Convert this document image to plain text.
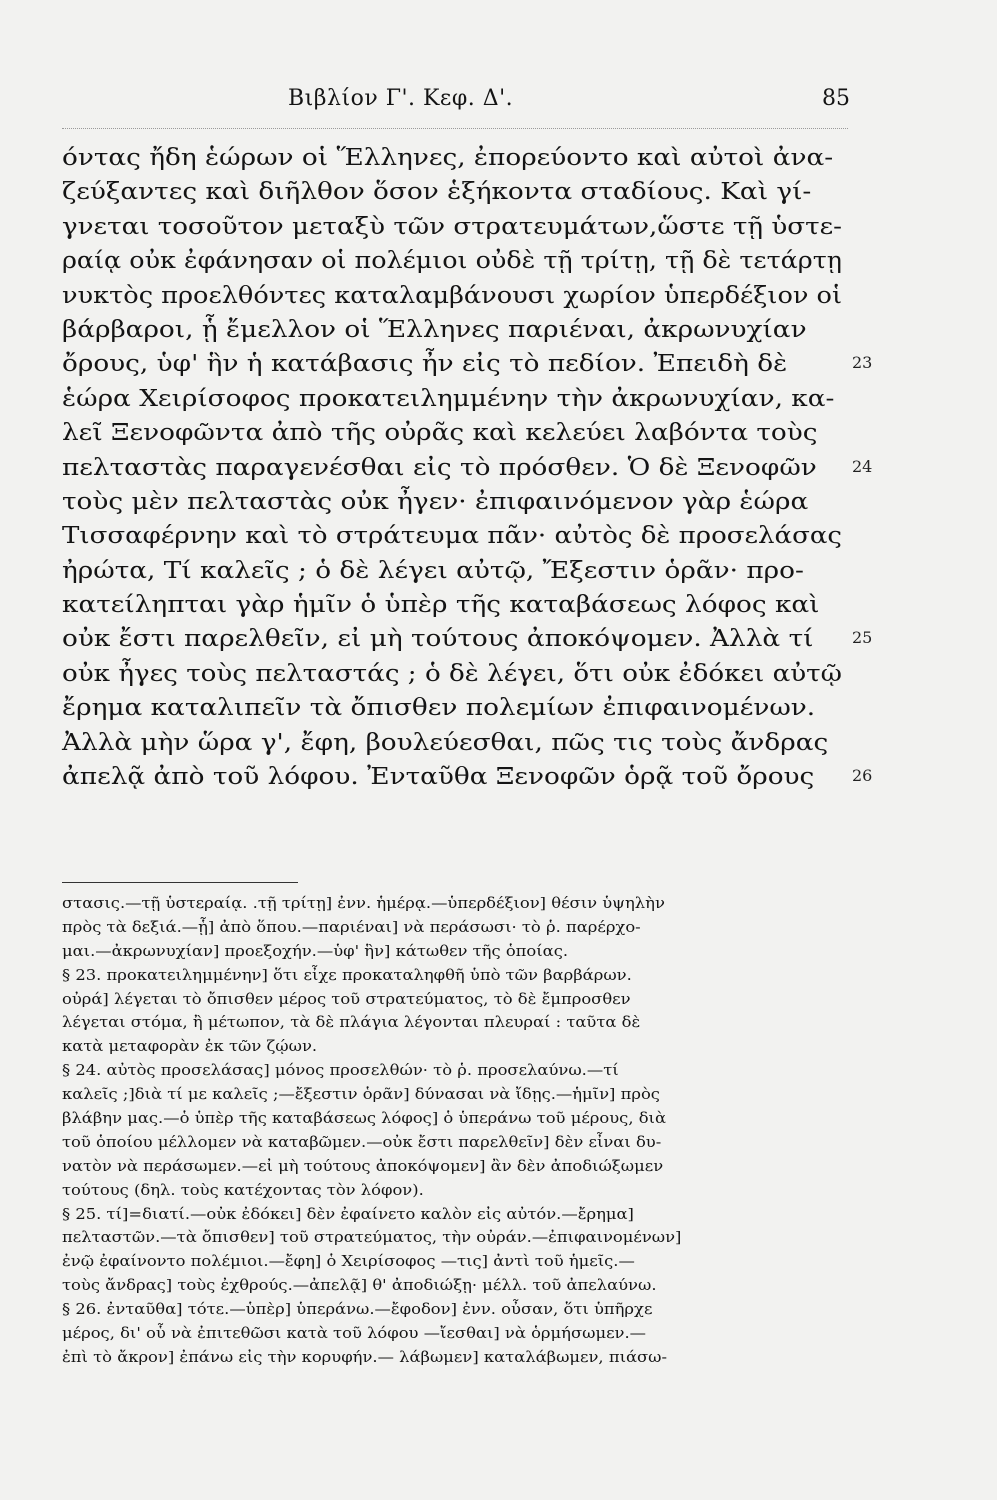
Βιβλίον Γ'. Κεφ. Δ'.	85
όντας ἤδη ἑώρων οἱ Ἕλληνες, ἐπορεύοντο καὶ αὐτοὶ ἀνα-
ζεύξαντες καὶ διῆλθον ὅσον ἑξήκοντα σταδίους. Καὶ γί-
γνεται τοσοῦτον μεταξὺ τῶν στρατευμάτων,ὥστε τῇ ὑστε-
ραίᾳ οὐκ ἐφάνησαν οἱ πολέμιοι οὐδὲ τῇ τρίτῃ, τῇ δὲ τετάρτῃ
νυκτὸς προελθόντες καταλαμβάνουσι χωρίον ὑπερδέξιον οἱ
βάρβαροι, ᾗ ἔμελλον οἱ Ἕλληνες παριέναι, ἀκρωνυχίαν
ὄρους, ὑφ' ἣν ἡ κατάβασις ἦν εἰς τὸ πεδίον. Ἐπειδὴ δὲ	23
ἑώρα Χειρίσοφος προκατειλημμένην τὴν ἀκρωνυχίαν, κα-
λεῖ Ξενοφῶντα ἀπὸ τῆς οὐρᾶς καὶ κελεύει λαβόντα τοὺς
πελταστὰς παραγενέσθαι εἰς τὸ πρόσθεν. Ὁ δὲ Ξενοφῶν 24
τοὺς μὲν πελταστὰς οὐκ ἦγεν· ἐπιφαινόμενον γὰρ ἑώρα
Τισσαφέρνην καὶ τὸ στράτευμα πᾶν· αὐτὸς δὲ προσελάσας
ἠρώτα, Τί καλεῖς ; ὁ δὲ λέγει αὐτῷ, Ἔξεστιν ὁρᾶν· προ-
κατείληπται γὰρ ἡμῖν ὁ ὑπὲρ τῆς καταβάσεως λόφος καὶ
οὐκ ἔστι παρελθεῖν, εἰ μὴ τούτους ἀποκόψομεν. Ἀλλὰ τί 25
οὐκ ἦγες τοὺς πελταστάς ; ὁ δὲ λέγει, ὅτι οὐκ ἐδόκει αὐτῷ
ἔρημα καταλιπεῖν τὰ ὄπισθεν πολεμίων ἐπιφαινομένων.
Ἀλλὰ μὴν ὥρα γ', ἔφη, βουλεύεσθαι, πῶς τις τοὺς ἄνδρας
ἀπελᾷ ἀπὸ τοῦ λόφου. Ἐνταῦθα Ξενοφῶν ὁρᾷ τοῦ ὄρους 26
στασις.—τῇ ὑστεραίᾳ. .τῇ τρίτῃ] ἐνν. ἡμέρᾳ.—ὑπερδέξιον] θέσιν ὑψηλὴν
πρὸς τὰ δεξιά.—ᾗ] ἀπὸ ὅπου.—παριέναι] νὰ περάσωσι· τὸ ῥ. παρέρχο-
μαι.—ἀκρωνυχίαν] προεξοχήν.—ὑφ' ἣν] κάτωθεν τῆς ὁποίας.
§ 23. προκατειλημμένην] ὅτι εἶχε προκαταληφθῆ ὑπὸ τῶν βαρβάρων.
οὐρά] λέγεται τὸ ὄπισθεν μέρος τοῦ στρατεύματος, τὸ δὲ ἔμπροσθεν
λέγεται στόμα, ἢ μέτωπον, τὰ δὲ πλάγια λέγονται πλευραί : ταῦτα δὲ
κατὰ μεταφορὰν ἐκ τῶν ζῴων.
§ 24. αὐτὸς προσελάσας] μόνος προσελθών· τὸ ῥ. προσελαύνω.—τί
καλεῖς ;]διὰ τί με καλεῖς ;—ἔξεστιν ὁρᾶν] δύνασαι νὰ ἴδῃς.—ἡμῖν] πρὸς
βλάβην μας.—ὁ ὑπὲρ τῆς καταβάσεως λόφος] ὁ ὑπεράνω τοῦ μέρους, διὰ
τοῦ ὁποίου μέλλομεν νὰ καταβῶμεν.—οὐκ ἔστι παρελθεῖν] δὲν εἶναι δυ-
νατὸν νὰ περάσωμεν.—εἰ μὴ τούτους ἀποκόψομεν] ἂν δὲν ἀποδιώξωμεν
τούτους (δηλ. τοὺς κατέχοντας τὸν λόφον).
§ 25. τί]=διατί.—οὐκ ἐδόκει] δὲν ἐφαίνετο καλὸν εἰς αὐτόν.—ἔρημα]
πελταστῶν.—τὰ ὄπισθεν] τοῦ στρατεύματος, τὴν οὐράν.—ἐπιφαινομένων]
ἐνῷ ἐφαίνοντο πολέμιοι.—ἔφη] ὁ Χειρίσοφος —τις] ἀντὶ τοῦ ἡμεῖς.—
τοὺς ἄνδρας] τοὺς ἐχθρούς.—ἀπελᾷ] θ' ἀποδιώξῃ· μέλλ. τοῦ ἀπελαύνω.
§ 26. ἐνταῦθα] τότε.—ὑπὲρ] ὑπεράνω.—ἔφοδον] ἐνν. οὖσαν, ὅτι ὑπῆρχε
μέρος, δι' οὗ νὰ ἐπιτεθῶσι κατὰ τοῦ λόφου —ἴεσθαι] νὰ ὁρμήσωμεν.—
ἐπὶ τὸ ἄκρον] ἐπάνω εἰς τὴν κορυφήν.— λάβωμεν] καταλάβωμεν, πιάσω-
